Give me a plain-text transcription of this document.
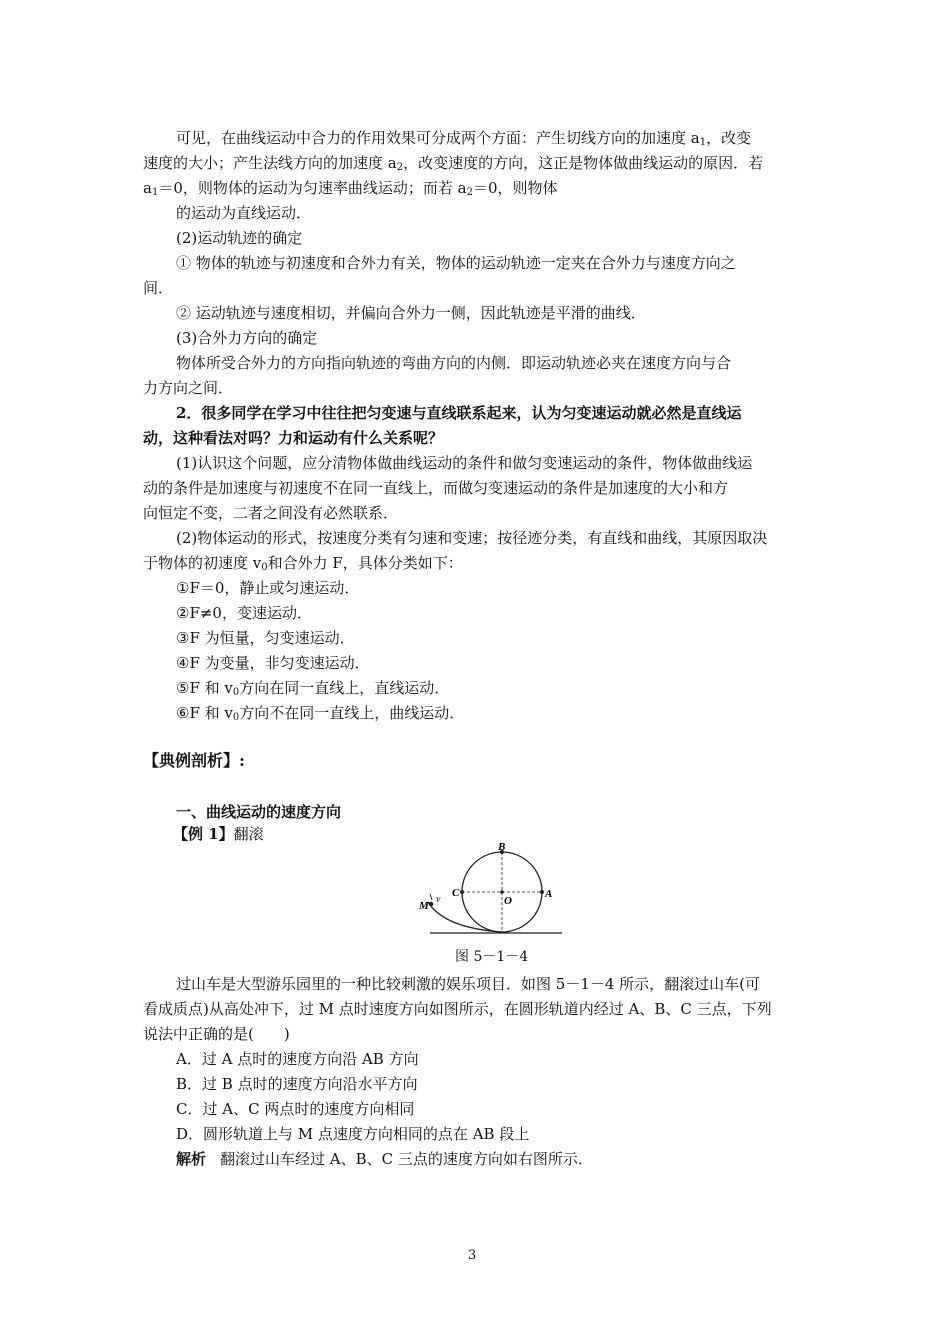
可见，在曲线运动中合力的作用效果可分成两个方面：产生切线方向的加速度 $a_1$，改变
速度的大小；产生法线方向的加速度 $a_2$，改变速度的方向，这正是物体做曲线运动的原因．若
$a_1=0$，则物体的运动为匀速率曲线运动；而若 $a_2=0$，则物体
的运动为直线运动．
(2)运动轨迹的确定
① 物体的轨迹与初速度和合外力有关，物体的运动轨迹一定夹在合外力与速度方向之
间．
② 运动轨迹与速度相切，并偏向合外力一侧，因此轨迹是平滑的曲线．
(3)合外力方向的确定
物体所受合外力的方向指向轨迹的弯曲方向的内侧．即运动轨迹必夹在速度方向与合
力方向之间．
2．很多同学在学习中往往把匀变速与直线联系起来，认为匀变速运动就必然是直线运
动，这种看法对吗？力和运动有什么关系呢？
(1)认识这个问题，应分清物体做曲线运动的条件和做匀变速运动的条件，物体做曲线运
动的条件是加速度与初速度不在同一直线上，而做匀变速运动的条件是加速度的大小和方
向恒定不变，二者之间没有必然联系．
(2)物体运动的形式，按速度分类有匀速和变速；按径迹分类，有直线和曲线，其原因取决
于物体的初速度 $v_0$和合外力 F，具体分类如下：
①F＝0，静止或匀速运动．
②F≠0，变速运动．
③F 为恒量，匀变速运动．
④F 为变量，非匀变速运动．
⑤F 和 $v_0$方向在同一直线上，直线运动．
⑥F 和 $v_0$方向不在同一直线上，曲线运动．
【典例剖析】:
一、曲线运动的速度方向
【例 1】翻滚
B
C
O
A
M
v
图 5－1－4
过山车是大型游乐园里的一种比较刺激的娱乐项目．如图 5－1－4 所示，翻滚过山车(可
看成质点)从高处冲下，过 M 点时速度方向如图所示，在圆形轨道内经过 A、B、C 三点，下列
说法中正确的是(　　)
A．过 A 点时的速度方向沿 AB 方向
B．过 B 点时的速度方向沿水平方向
C．过 A、C 两点时的速度方向相同
D．圆形轨道上与 M 点速度方向相同的点在 AB 段上
解析 翻滚过山车经过 A、B、C 三点的速度方向如右图所示．
3
